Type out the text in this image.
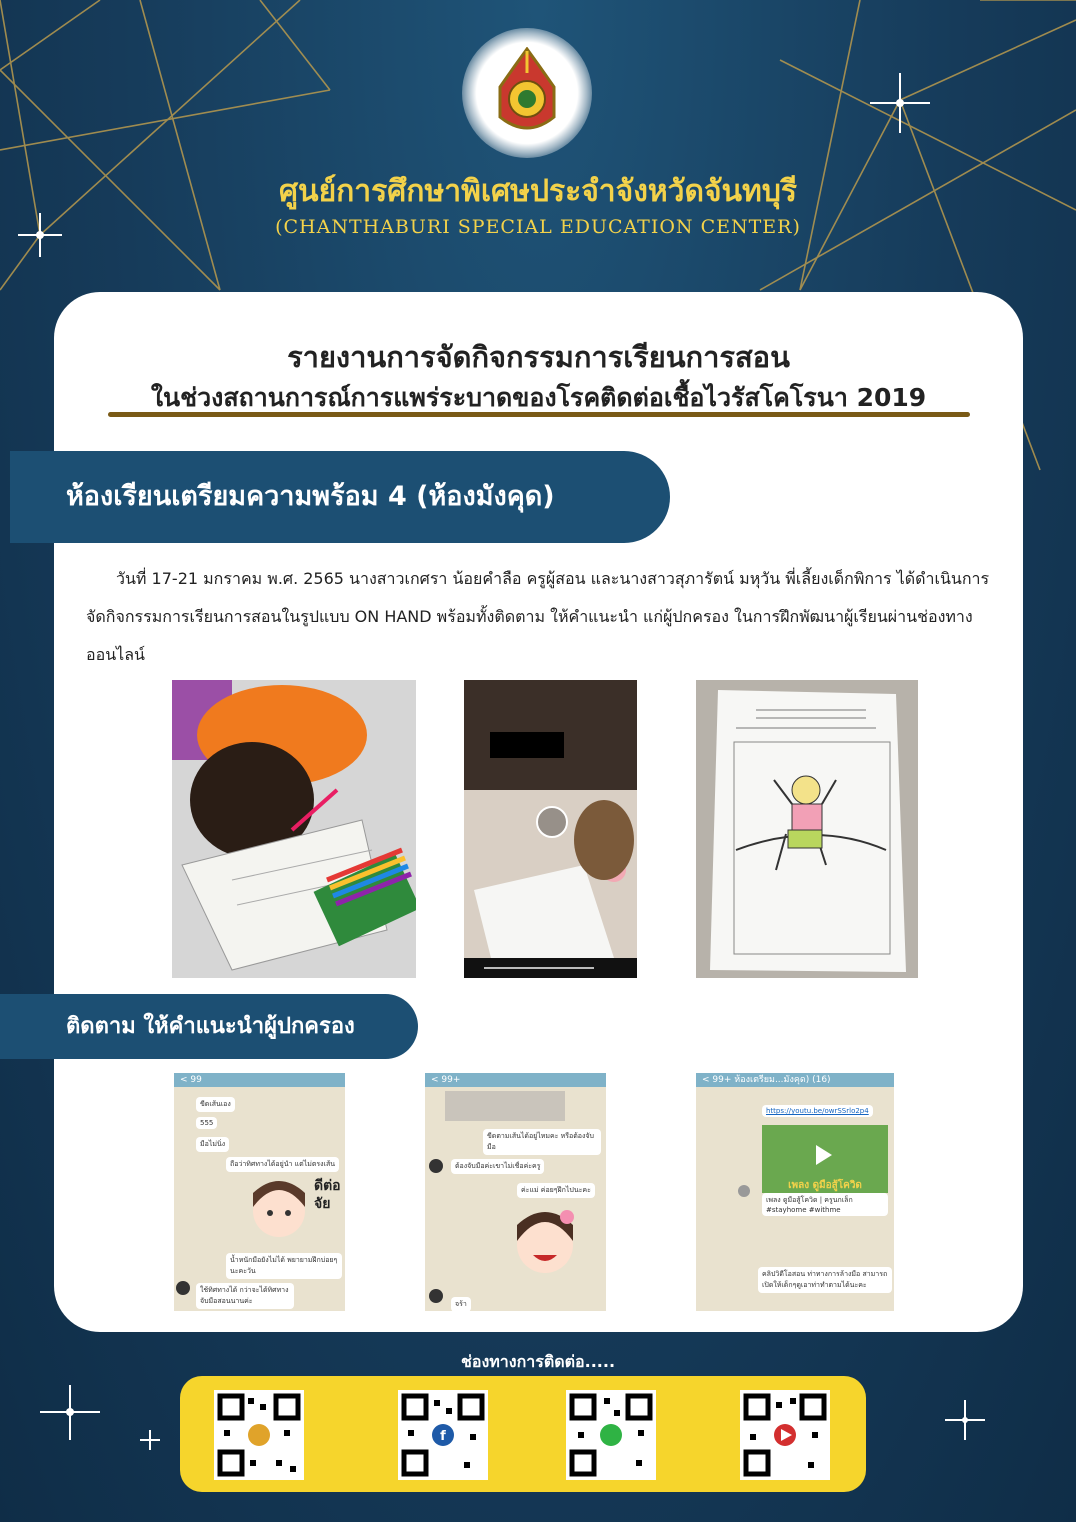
ศูนย์การศึกษาพิเศษประจำจังหวัดจันทบุรี
(CHANTHABURI SPECIAL EDUCATION CENTER)
รายงานการจัดกิจกรรมการเรียนการสอน
ในช่วงสถานการณ์การแพร่ระบาดของโรคติดต่อเชื้อไวรัสโคโรนา 2019
ห้องเรียนเตรียมความพร้อม 4 (ห้องมังคุด)
วันที่ 17-21 มกราคม พ.ศ. 2565 นางสาวเกศรา น้อยคำลือ ครูผู้สอน และนางสาวสุภารัตน์ มหุวัน พี่เลี้ยงเด็กพิการ ได้ดำเนินการจัดกิจกรรมการเรียนการสอนในรูปแบบ ON HAND พร้อมทั้งติดตาม ให้คำแนะนำ แก่ผู้ปกครอง ในการฝึกพัฒนาผู้เรียนผ่านช่องทางออนไลน์
ติดตาม ให้คำแนะนำผู้ปกครอง
< 99
ขีดเส้นเอง
555
มือไม่นิ่ง
ถือว่าทิศทางได้อยู่นำ แต่ไม่ตรงเส้น
ดีต่อจัย
น้ำหนักมือยังไม่ได้ พยายามฝึกบ่อยๆ นะคะวัน
ใช้ทิศทางได้ กว่าจะได้ทิศทางจับมือสอนนานค่ะ
< 99+
ขีดตามเส้นได้อยู่ไหมคะ หรือต้องจับมือ
ต้องจับมือค่ะเขาไม่เชื่อค่ะครู
ค่ะแม่ ค่อยๆฝึกไปนะคะ
จร้า
< 99+ ห้องเตรียม...มังคุด) (16)
https://youtu.be/owrSSrlo2p4
เพลง ดูมือสู้โควิด
เพลง ดูมือสู้โควิด | ครูนกเล็ก #stayhome #withme
คลิปวิดีโอสอน ท่าทางการล้างมือ สามารถเปิดให้เด็กๆดูเอาท่าทำตามได้นะคะ
ช่องทางการติดต่อ.....
f
